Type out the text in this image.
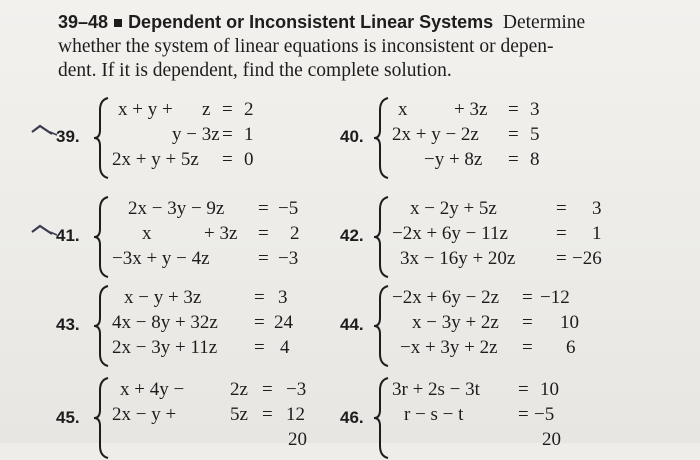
39–48 Dependent or Inconsistent Linear Systems Determine
whether the system of linear equations is inconsistent or depen-
dent. If it is dependent, find the complete solution.
39.
x + y + z = 2
y − 3z = 1
2x + y + 5z = 0
40.
x + 3z = 3
2x + y − 2z = 5
−y + 8z = 8
41.
2x − 3y − 9z = −5
x	+ 3z = 2
−3x + y − 4z	= −3
42.
x − 2y + 5z	= 3
−2x + 6y − 11z	= 1
3x − 16y + 20z = −26
43.
x − y + 3z	= 3
4x − 8y + 32z = 24
2x − 3y + 11z = 4
44.
−2x + 6y − 2z = −12
x − 3y + 2z = 10
−x + 3y + 2z = 6
45.
x + 4y − 2z = −3
2x − y +	5z = 12
20
46.
3r + 2s − 3t = 10
r − s − t	= −5
20
